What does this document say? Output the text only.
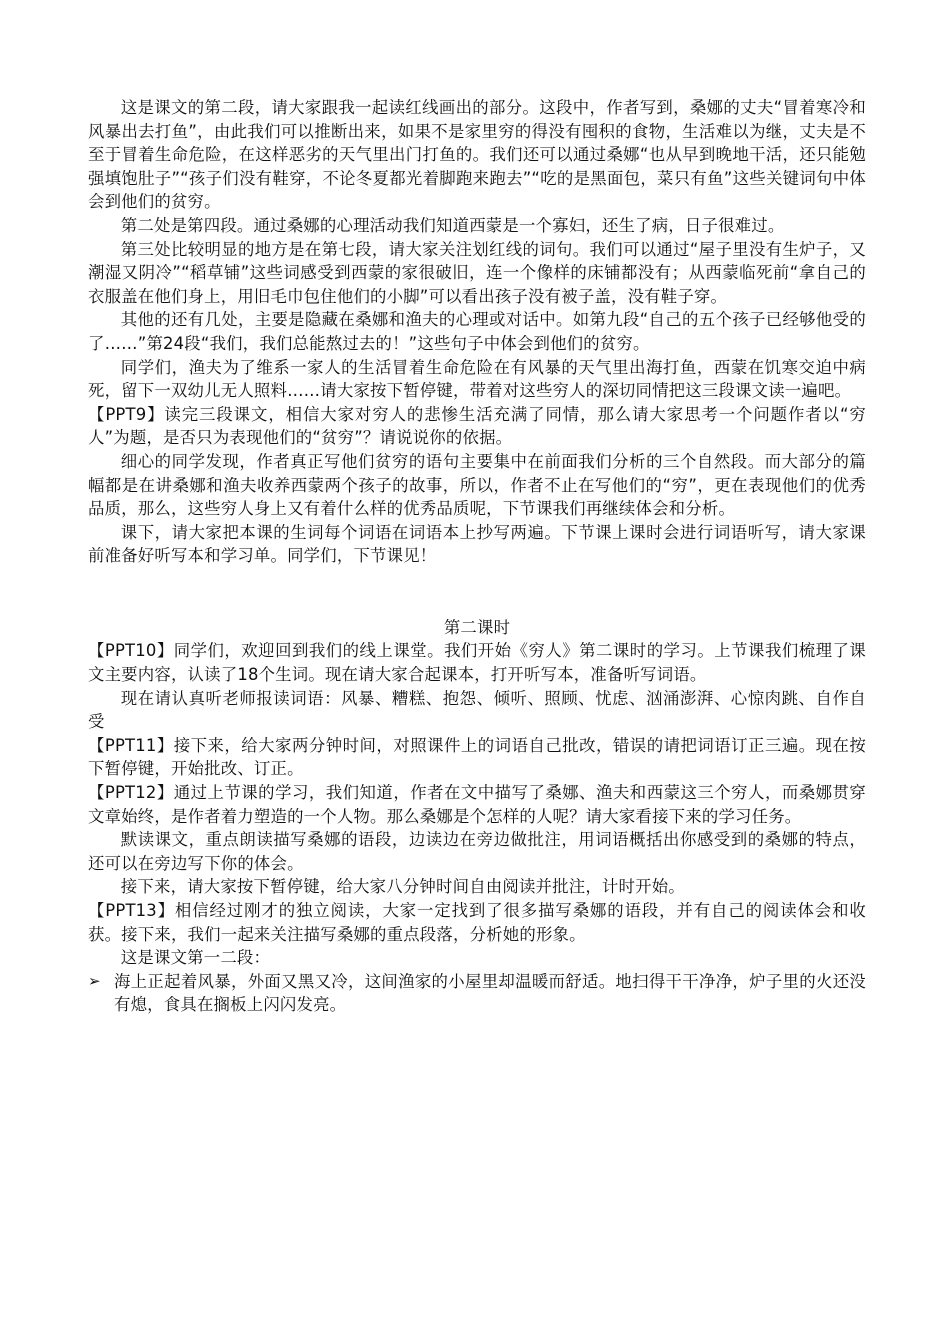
这是课文的第二段，请大家跟我一起读红线画出的部分。这段中，作者写到，桑娜的丈夫“冒着寒冷和风暴出去打鱼”，由此我们可以推断出来，如果不是家里穷的得没有囤积的食物，生活难以为继，丈夫是不至于冒着生命危险，在这样恶劣的天气里出门打鱼的。我们还可以通过桑娜“也从早到晚地干活，还只能勉强填饱肚子”“孩子们没有鞋穿，不论冬夏都光着脚跑来跑去”“吃的是黑面包，菜只有鱼”这些关键词句中体会到他们的贫穷。

第二处是第四段。通过桑娜的心理活动我们知道西蒙是一个寡妇，还生了病，日子很难过。

第三处比较明显的地方是在第七段，请大家关注划红线的词句。我们可以通过“屋子里没有生炉子，又潮湿又阴冷”“稻草铺”这些词感受到西蒙的家很破旧，连一个像样的床铺都没有；从西蒙临死前“拿自己的衣服盖在他们身上，用旧毛巾包住他们的小脚”可以看出孩子没有被子盖，没有鞋子穿。

其他的还有几处，主要是隐藏在桑娜和渔夫的心理或对话中。如第九段“自己的五个孩子已经够他受的了……”第24段“我们，我们总能熬过去的！”这些句子中体会到他们的贫穷。

同学们，渔夫为了维系一家人的生活冒着生命危险在有风暴的天气里出海打鱼，西蒙在饥寒交迫中病死，留下一双幼儿无人照料……请大家按下暂停键，带着对这些穷人的深切同情把这三段课文读一遍吧。

【PPT9】读完三段课文，相信大家对穷人的悲惨生活充满了同情，那么请大家思考一个问题作者以“穷人”为题，是否只为表现他们的“贫穷”？请说说你的依据。

细心的同学发现，作者真正写他们贫穷的语句主要集中在前面我们分析的三个自然段。而大部分的篇幅都是在讲桑娜和渔夫收养西蒙两个孩子的故事，所以，作者不止在写他们的“穷”，更在表现他们的优秀品质，那么，这些穷人身上又有着什么样的优秀品质呢，下节课我们再继续体会和分析。

课下，请大家把本课的生词每个词语在词语本上抄写两遍。下节课上课时会进行词语听写，请大家课前准备好听写本和学习单。同学们，下节课见！

第二课时

【PPT10】同学们，欢迎回到我们的线上课堂。我们开始《穷人》第二课时的学习。上节课我们梳理了课文主要内容，认读了18个生词。现在请大家合起课本，打开听写本，准备听写词语。

现在请认真听老师报读词语：风暴、糟糕、抱怨、倾听、照顾、忧虑、汹涌澎湃、心惊肉跳、自作自受

【PPT11】接下来，给大家两分钟时间，对照课件上的词语自己批改，错误的请把词语订正三遍。现在按下暂停键，开始批改、订正。

【PPT12】通过上节课的学习，我们知道，作者在文中描写了桑娜、渔夫和西蒙这三个穷人，而桑娜贯穿文章始终，是作者着力塑造的一个人物。那么桑娜是个怎样的人呢？请大家看接下来的学习任务。

默读课文，重点朗读描写桑娜的语段，边读边在旁边做批注，用词语概括出你感受到的桑娜的特点，还可以在旁边写下你的体会。

接下来，请大家按下暂停键，给大家八分钟时间自由阅读并批注，计时开始。

【PPT13】相信经过刚才的独立阅读，大家一定找到了很多描写桑娜的语段，并有自己的阅读体会和收获。接下来，我们一起来关注描写桑娜的重点段落，分析她的形象。

这是课文第一二段：

➢ 海上正起着风暴，外面又黑又冷，这间渔家的小屋里却温暖而舒适。地扫得干干净净，炉子里的火还没有熄，食具在搁板上闪闪发亮。
